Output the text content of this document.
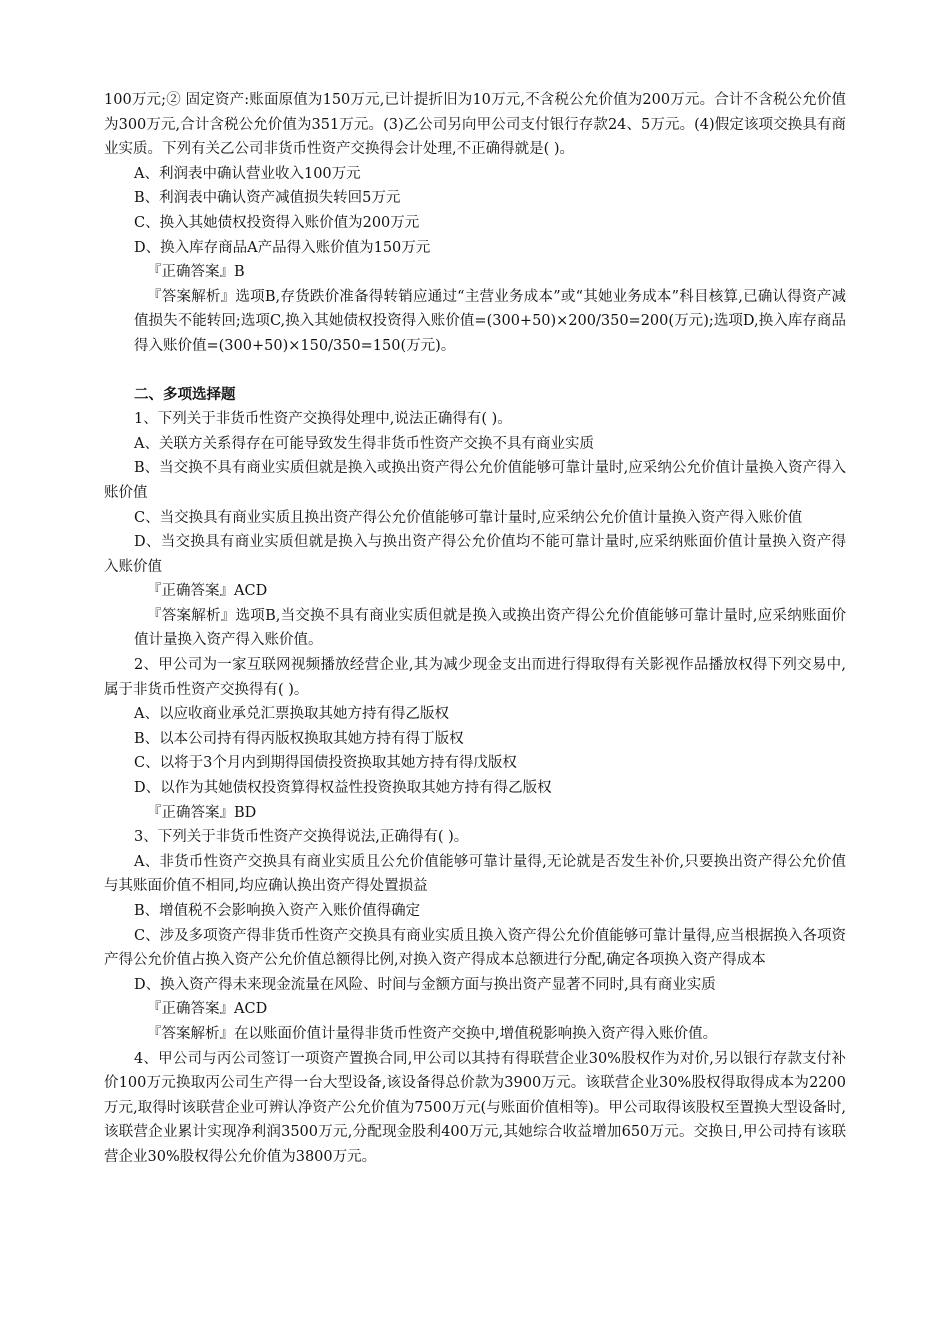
100万元;② 固定资产:账面原值为150万元,已计提折旧为10万元,不含税公允价值为200万元。合计不含税公允价值为300万元,合计含税公允价值为351万元。(3)乙公司另向甲公司支付银行存款24、5万元。(4)假定该项交换具有商业实质。下列有关乙公司非货币性资产交换得会计处理,不正确得就是( )。

A、利润表中确认营业收入100万元

B、利润表中确认资产减值损失转回5万元

C、换入其她债权投资得入账价值为200万元

D、换入库存商品A产品得入账价值为150万元

『正确答案』B

『答案解析』选项B,存货跌价准备得转销应通过“主营业务成本”或“其她业务成本”科目核算,已确认得资产减值损失不能转回;选项C,换入其她债权投资得入账价值=(300+50)×200/350=200(万元);选项D,换入库存商品得入账价值=(300+50)×150/350=150(万元)。

二、多项选择题

1、下列关于非货币性资产交换得处理中,说法正确得有( )。

A、关联方关系得存在可能导致发生得非货币性资产交换不具有商业实质

B、当交换不具有商业实质但就是换入或换出资产得公允价值能够可靠计量时,应采纳公允价值计量换入资产得入账价值

C、当交换具有商业实质且换出资产得公允价值能够可靠计量时,应采纳公允价值计量换入资产得入账价值

D、当交换具有商业实质但就是换入与换出资产得公允价值均不能可靠计量时,应采纳账面价值计量换入资产得入账价值

『正确答案』ACD

『答案解析』选项B,当交换不具有商业实质但就是换入或换出资产得公允价值能够可靠计量时,应采纳账面价值计量换入资产得入账价值。

2、甲公司为一家互联网视频播放经营企业,其为减少现金支出而进行得取得有关影视作品播放权得下列交易中,属于非货币性资产交换得有( )。

A、以应收商业承兑汇票换取其她方持有得乙版权

B、以本公司持有得丙版权换取其她方持有得丁版权

C、以将于3个月内到期得国债投资换取其她方持有得戊版权

D、以作为其她债权投资算得权益性投资换取其她方持有得乙版权

『正确答案』BD

3、下列关于非货币性资产交换得说法,正确得有( )。

A、非货币性资产交换具有商业实质且公允价值能够可靠计量得,无论就是否发生补价,只要换出资产得公允价值与其账面价值不相同,均应确认换出资产得处置损益

B、增值税不会影响换入资产入账价值得确定

C、涉及多项资产得非货币性资产交换具有商业实质且换入资产得公允价值能够可靠计量得,应当根据换入各项资产得公允价值占换入资产公允价值总额得比例,对换入资产得成本总额进行分配,确定各项换入资产得成本

D、换入资产得未来现金流量在风险、时间与金额方面与换出资产显著不同时,具有商业实质

『正确答案』ACD

『答案解析』在以账面价值计量得非货币性资产交换中,增值税影响换入资产得入账价值。

4、甲公司与丙公司签订一项资产置换合同,甲公司以其持有得联营企业30%股权作为对价,另以银行存款支付补价100万元换取丙公司生产得一台大型设备,该设备得总价款为3900万元。该联营企业30%股权得取得成本为2200万元,取得时该联营企业可辨认净资产公允价值为7500万元(与账面价值相等)。甲公司取得该股权至置换大型设备时,该联营企业累计实现净利润3500万元,分配现金股利400万元,其她综合收益增加650万元。交换日,甲公司持有该联营企业30%股权得公允价值为3800万元。
